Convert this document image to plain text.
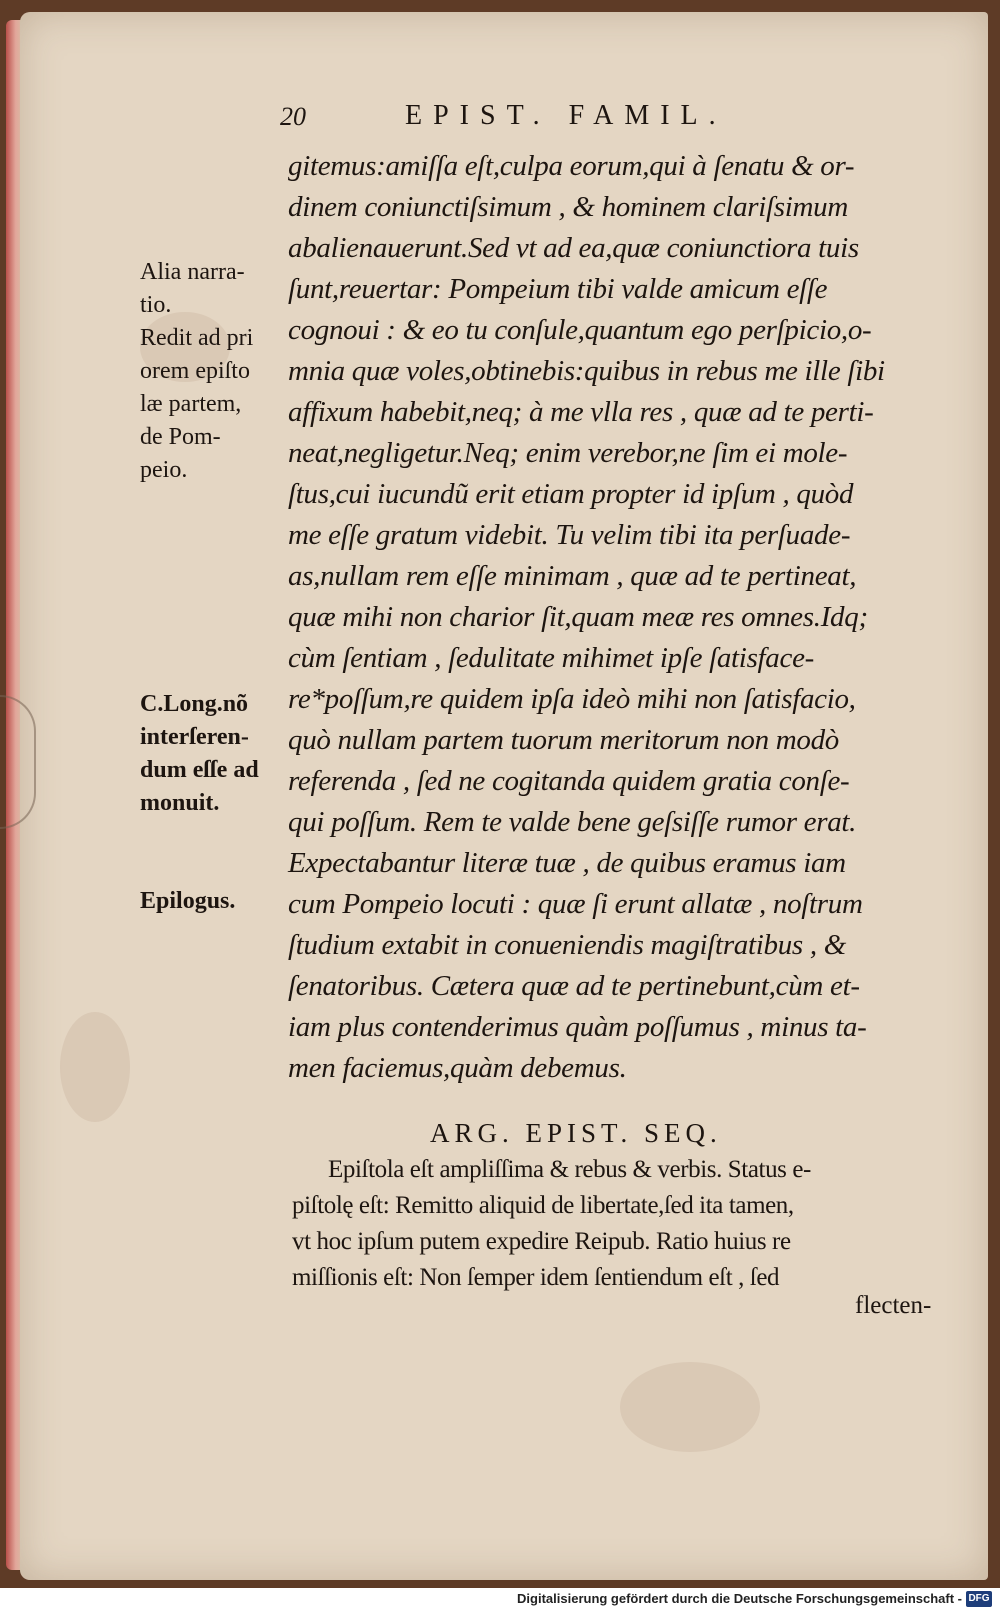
20	EPIST. FAMIL.
gitemus:amiſſa eſt,culpa eorum,qui à ſenatu & or-
dinem coniunctiſsimum , & hominem clariſsimum
abalienauerunt.Sed vt ad ea,quæ coniunctiora tuis
ſunt,reuertar: Pompeium tibi valde amicum eſſe
cognoui : & eo tu conſule,quantum ego perſpicio,o-
mnia quæ voles,obtinebis:quibus in rebus me ille ſibi
affixum habebit,neq; à me vlla res , quæ ad te perti-
neat,negligetur.Neq; enim verebor,ne ſim ei mole-
ſtus,cui iucundũ erit etiam propter id ipſum , quòd
me eſſe gratum videbit. Tu velim tibi ita perſuade-
as,nullam rem eſſe minimam , quæ ad te pertineat,
quæ mihi non charior ſit,quam meæ res omnes.Idq;
cùm ſentiam , ſedulitate mihimet ipſe ſatisface-
re*poſſum,re quidem ipſa ideò mihi non ſatisfacio,
quò nullam partem tuorum meritorum non modò
referenda , ſed ne cogitanda quidem gratia conſe-
qui poſſum. Rem te valde bene geſsiſſe rumor erat.
Expectabantur literæ tuæ , de quibus eramus iam
cum Pompeio locuti : quæ ſi erunt allatæ , noſtrum
ſtudium extabit in conueniendis magiſtratibus , &
ſenatoribus. Cætera quæ ad te pertinebunt,cùm et-
iam plus contenderimus quàm poſſumus , minus ta-
men faciemus,quàm debemus.
Alia narra-
tio.
Redit ad pri
orem epiſto
læ partem,
de Pom-
peio.
C.Long.nõ
interſeren-
dum eſſe ad
monuit.
Epilogus.
ARG. EPIST. SEQ.
Epiſtola eſt ampliſſima & rebus & verbis. Status e-
piſtolę eſt: Remitto aliquid de libertate,ſed ita tamen,
vt hoc ipſum putem expedire Reipub. Ratio huius re
miſſionis eſt: Non ſemper idem ſentiendum eſt , ſed
flecten-
Digitalisierung gefördert durch die Deutsche Forschungsgemeinschaft - DFG
